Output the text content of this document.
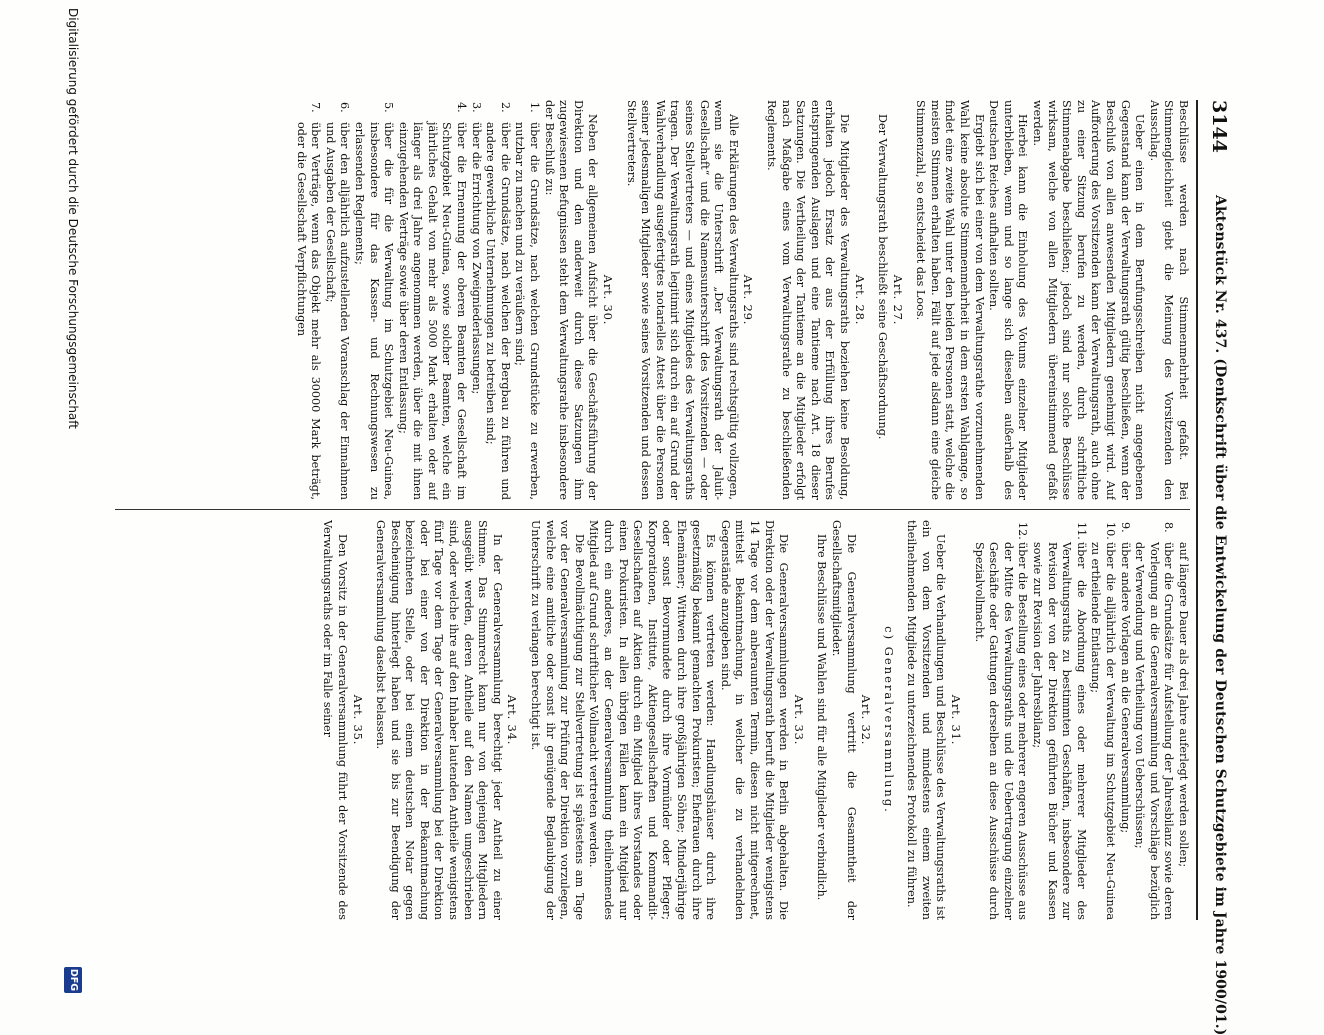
3144
Aktenstück Nr. 437. (Denkschrift über die Entwickelung der Deutschen Schutzgebiete im Jahre 1900/01.)

Beschlüsse werden nach Stimmenmehrheit gefaßt. Bei Stimmengleichheit giebt die Meinung des Vorsitzenden den Ausschlag.

Ueber einen in dem Berufungsschreiben nicht angegebenen Gegenstand kann der Verwaltungsrath gültig beschließen, wenn der Beschluß von allen anwesenden Mitgliedern genehmigt wird. Auf Aufforderung des Vorsitzenden kann der Verwaltungsrath, auch ohne zu einer Sitzung berufen zu werden, durch schriftliche Stimmenabgabe beschließen; jedoch sind nur solche Beschlüsse wirksam, welche von allen Mitgliedern übereinstimmend gefaßt werden.

Hierbei kann die Einholung des Votums einzelner Mitglieder unterbleiben, wenn und so lange sich dieselben außerhalb des Deutschen Reiches aufhalten sollten.

Ergiebt sich bei einer von dem Verwaltungsrathe vorzunehmenden Wahl keine absolute Stimmenmehrheit in dem ersten Wahlgange, so findet eine zweite Wahl unter den beiden Personen statt, welche die meisten Stimmen erhalten haben. Fällt auf jede alsdann eine gleiche Stimmenzahl, so entscheidet das Loos.

Art. 27.

Der Verwaltungsrath beschließt seine Geschäftsordnung.

Art. 28.

Die Mitglieder des Verwaltungsraths beziehen keine Besoldung, erhalten jedoch Ersatz der aus der Erfüllung ihres Berufes entspringenden Auslagen und eine Tantieme nach Art. 18 dieser Satzungen. Die Vertheilung der Tantieme an die Mitglieder erfolgt nach Maßgabe eines vom Verwaltungsrathe zu beschließenden Reglements.

Art. 29.

Alle Erklärungen des Verwaltungsraths sind rechtsgültig vollzogen, wenn sie die Unterschrift „Der Verwaltungsrath der Jaluit-Gesellschaft“ und die Namensunterschrift des Vorsitzenden — oder seines Stellvertreters — und eines Mitgliedes des Verwaltungsraths tragen. Der Verwaltungsrath legitimirt sich durch ein auf Grund der Wahlverhandlung ausgefertigtes notarielles Attest über die Personen seiner jedesmaligen Mitglieder sowie seines Vorsitzenden und dessen Stellvertreters.

Art. 30.

Neben der allgemeinen Aufsicht über die Geschäftsführung der Direktion und den anderweit durch diese Satzungen ihm zugewiesenen Befugnissen steht dem Verwaltungsrathe insbesondere der Beschluß zu:

1.
über die Grundsätze, nach welchen Grundstücke zu erwerben, nutzbar zu machen und zu veräußern sind;
2.
über die Grundsätze, nach welchen der Bergbau zu führen und andere gewerbliche Unternehmungen zu betreiben sind;
3.
über die Errichtung von Zweigniederlassungen;
4.
über die Ernennung der oberen Beamten der Gesellschaft im Schutzgebiet Neu-Guinea, sowie solcher Beamten, welche ein jährliches Gehalt von mehr als 5000 Mark erhalten oder auf länger als drei Jahre angenommen werden, über die mit ihnen einzugehenden Verträge sowie über deren Entlassung;
5.
über die für die Verwaltung im Schutzgebiet Neu-Guinea, insbesondere für das Kassen- und Rechnungswesen zu erlassenden Reglements;
6.
über den alljährlich aufzustellenden Voranschlag der Einnahmen und Ausgaben der Gesellschaft;
7.
über Verträge, wenn das Objekt mehr als 30000 Mark beträgt, oder die Gesellschaft Verpflichtungen

auf längere Dauer als drei Jahre auferlegt werden sollen;

8.
über die Grundsätze für Aufstellung der Jahresbilanz sowie deren Vorlegung an die Generalversammlung und Vorschläge bezüglich der Verwendung und Vertheilung von Ueberschüssen;
9.
über andere Vorlagen an die Generalversammlung;
10.
über die alljährlich der Verwaltung im Schutzgebiet Neu-Guinea zu ertheilende Entlastung;
11.
über die Abordnung eines oder mehrerer Mitglieder des Verwaltungsraths zu bestimmten Geschäften, insbesondere zur Revision der von der Direktion geführten Bücher und Kassen sowie zur Revision der Jahresbilanz;
12.
über die Bestellung eines oder mehrerer engeren Ausschüsse aus der Mitte des Verwaltungsraths und die Uebertragung einzelner Geschäfte oder Gattungen derselben an diese Ausschüsse durch Spezialvollmacht.
Art. 31.

Ueber die Verhandlungen und Beschlüsse des Verwaltungsraths ist ein von dem Vorsitzenden und mindestens einem zweiten theilnehmenden Mitgliede zu unterzeichnendes Protokoll zu führen.

c) Generalversammlung.
Art. 32.

Die Generalversammlung vertritt die Gesammtheit der Gesellschaftsmitglieder.

Ihre Beschlüsse und Wahlen sind für alle Mitglieder verbindlich.

Art. 33.

Die Generalversammlungen werden in Berlin abgehalten. Die Direktion oder der Verwaltungsrath beruft die Mitglieder wenigstens 14 Tage vor dem anberaumten Termin, diesen nicht mitgerechnet, mittelst Bekanntmachung, in welcher die zu verhandelnden Gegenstände anzugeben sind.

Es können vertreten werden: Handlungshäuser durch ihre gesetzmäßig bekannt gemachten Prokuristen; Ehefrauen durch ihre Ehemänner; Wittwen durch ihre großjährigen Söhne; Minderjährige oder sonst Bevormundete durch ihre Vormünder oder Pfleger; Korporationen, Institute, Aktiengesellschaften und Kommandit-Gesellschaften auf Aktien durch ein Mitglied ihres Vorstandes oder einen Prokuristen. In allen übrigen Fällen kann ein Mitglied nur durch ein anderes, an der Generalversammlung theilnehmendes Mitglied auf Grund schriftlicher Vollmacht vertreten werden.

Die Bevollmächtigung zur Stellvertretung ist spätestens am Tage vor der Generalversammlung zur Prüfung der Direktion vorzulegen, welche eine amtliche oder sonst ihr genügende Beglaubigung der Unterschrift zu verlangen berechtigt ist.

Art. 34.

In der Generalversammlung berechtigt jeder Antheil zu einer Stimme. Das Stimmrecht kann nur von denjenigen Mitgliedern ausgeübt werden, deren Antheile auf den Namen umgeschrieben sind, oder welche ihre auf den Inhaber lautenden Antheile wenigstens fünf Tage vor dem Tage der Generalversammlung bei der Direktion oder bei einer von der Direktion in der Bekanntmachung bezeichneten Stelle, oder bei einem deutschen Notar gegen Bescheinigung hinterlegt haben und sie bis zur Beendigung der Generalversammlung daselbst belassen.

Art. 35.

Den Vorsitz in der Generalversammlung führt der Vorsitzende des Verwaltungsraths oder im Falle seiner

Digitalisierung gefördert durch die Deutsche Forschungsgemeinschaft
DFG
